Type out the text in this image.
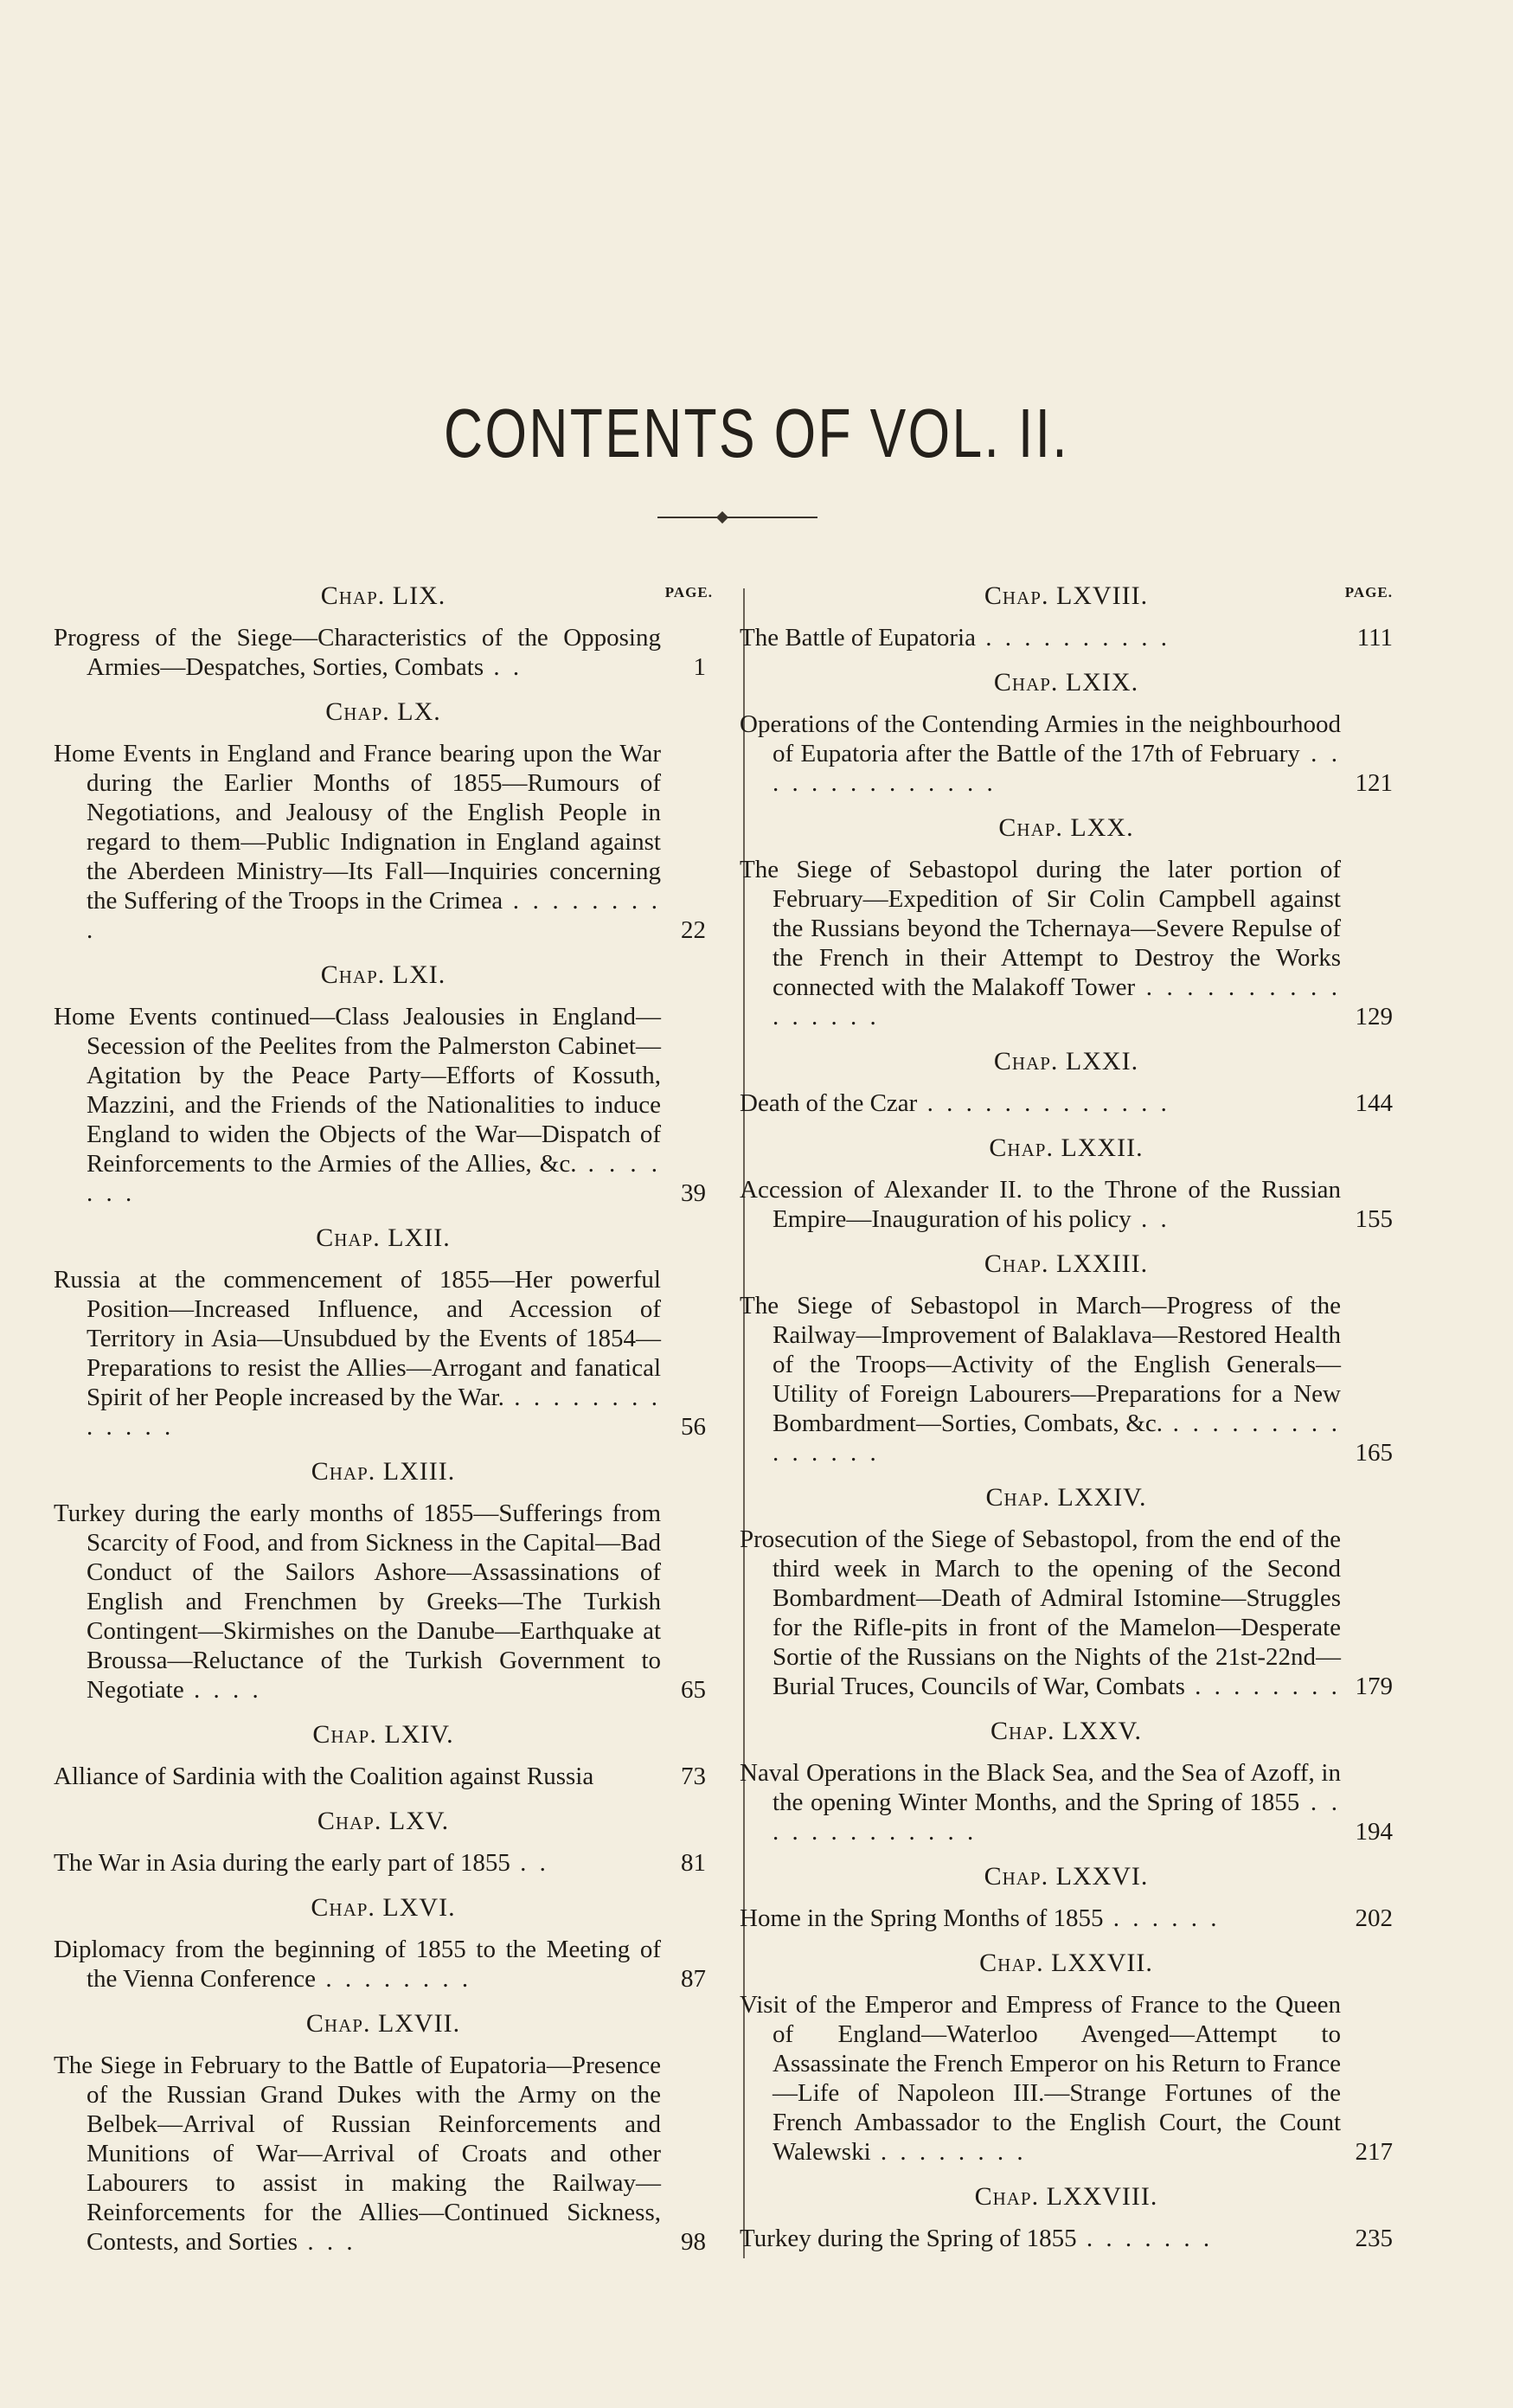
CONTENTS OF VOL. II.
PAGE.
Chap. LIX.
Progress of the Siege—Characteristics of the Opposing Armies—Despatches, Sorties, Combats . .	1
Chap. LX.
Home Events in England and France bearing upon the War during the Earlier Months of 1855—Rumours of Negotiations, and Jealousy of the English People in regard to them—Public Indignation in England against the Aberdeen Ministry—Its Fall—Inquiries concerning the Suffering of the Troops in the Crimea . . . . . . . . .	22
Chap. LXI.
Home Events continued—Class Jealousies in England—Secession of the Peelites from the Palmerston Cabinet—Agitation by the Peace Party—Efforts of Kossuth, Mazzini, and the Friends of the Nationalities to induce England to widen the Objects of the War—Dispatch of Reinforcements to the Armies of the Allies, &c. . . . . . . .	39
Chap. LXII.
Russia at the commencement of 1855—Her powerful Position—Increased Influence, and Accession of Territory in Asia—Unsubdued by the Events of 1854—Preparations to resist the Allies—Arrogant and fanatical Spirit of her People increased by the War. . . . . . . . . . . . . .	56
Chap. LXIII.
Turkey during the early months of 1855—Sufferings from Scarcity of Food, and from Sickness in the Capital—Bad Conduct of the Sailors Ashore—Assassinations of English and Frenchmen by Greeks—The Turkish Contingent—Skirmishes on the Danube—Earthquake at Broussa—Reluctance of the Turkish Government to Negotiate . . . .	65
Chap. LXIV.
Alliance of Sardinia with the Coalition against Russia	73
Chap. LXV.
The War in Asia during the early part of 1855 . .	81
Chap. LXVI.
Diplomacy from the beginning of 1855 to the Meeting of the Vienna Conference . . . . . . . .	87
Chap. LXVII.
The Siege in February to the Battle of Eupatoria—Presence of the Russian Grand Dukes with the Army on the Belbek—Arrival of Russian Reinforcements and Munitions of War—Arrival of Croats and other Labourers to assist in making the Railway—Reinforcements for the Allies—Continued Sickness, Contests, and Sorties . . .	98
PAGE.
Chap. LXVIII.
The Battle of Eupatoria . . . . . . . . . .	111
Chap. LXIX.
Operations of the Contending Armies in the neighbourhood of Eupatoria after the Battle of the 17th of February . . . . . . . . . . . . . .	121
Chap. LXX.
The Siege of Sebastopol during the later portion of February—Expedition of Sir Colin Campbell against the Russians beyond the Tchernaya—Severe Repulse of the French in their Attempt to Destroy the Works connected with the Malakoff Tower . . . . . . . . . . . . . . . .	129
Chap. LXXI.
Death of the Czar . . . . . . . . . . . . .	144
Chap. LXXII.
Accession of Alexander II. to the Throne of the Russian Empire—Inauguration of his policy . .	155
Chap. LXXIII.
The Siege of Sebastopol in March—Progress of the Railway—Improvement of Balaklava—Restored Health of the Troops—Activity of the English Generals—Utility of Foreign Labourers—Preparations for a New Bombardment—Sorties, Combats, &c. . . . . . . . . . . . . . . .	165
Chap. LXXIV.
Prosecution of the Siege of Sebastopol, from the end of the third week in March to the opening of the Second Bombardment—Death of Admiral Istomine—Struggles for the Rifle-pits in front of the Mamelon—Desperate Sortie of the Russians on the Nights of the 21st-22nd—Burial Truces, Councils of War, Combats . . . . . . . . 179
Chap. LXXV.
Naval Operations in the Black Sea, and the Sea of Azoff, in the opening Winter Months, and the Spring of 1855 . . . . . . . . . . . . .	194
Chap. LXXVI.
Home in the Spring Months of 1855 . . . . . .	202
Chap. LXXVII.
Visit of the Emperor and Empress of France to the Queen of England—Waterloo Avenged—Attempt to Assassinate the French Emperor on his Return to France—Life of Napoleon III.—Strange Fortunes of the French Ambassador to the English Court, the Count Walewski . . . . . . . .	217
Chap. LXXVIII.
Turkey during the Spring of 1855 . . . . . . .	235
